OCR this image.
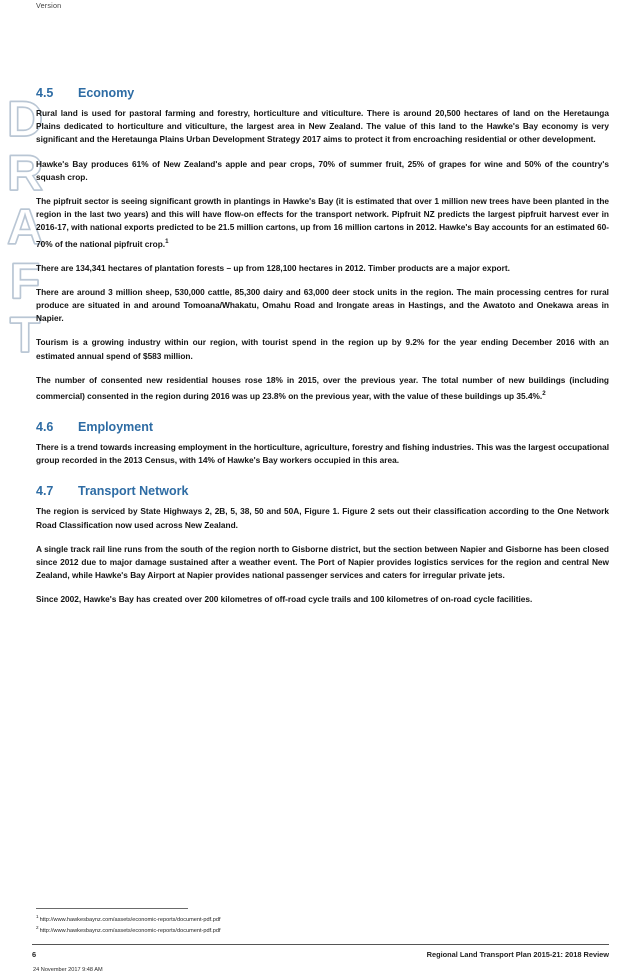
Version
D
R
A
F
T
4.5	Economy

Rural land is used for pastoral farming and forestry, horticulture and viticulture. There is around 20,500 hectares of land on the Heretaunga Plains dedicated to horticulture and viticulture, the largest area in New Zealand. The value of this land to the Hawke's Bay economy is very significant and the Heretaunga Plains Urban Development Strategy 2017 aims to protect it from encroaching residential or other development.

Hawke's Bay produces 61% of New Zealand's apple and pear crops, 70% of summer fruit, 25% of grapes for wine and 50% of the country's squash crop.

The pipfruit sector is seeing significant growth in plantings in Hawke's Bay (it is estimated that over 1 million new trees have been planted in the region in the last two years) and this will have flow-on effects for the transport network. Pipfruit NZ predicts the largest pipfruit harvest ever in 2016-17, with national exports predicted to be 21.5 million cartons, up from 16 million cartons in 2012. Hawke's Bay accounts for an estimated 60-70% of the national pipfruit crop.$^1$

There are 134,341 hectares of plantation forests – up from 128,100 hectares in 2012. Timber products are a major export.

There are around 3 million sheep, 530,000 cattle, 85,300 dairy and 63,000 deer stock units in the region. The main processing centres for rural produce are situated in and around Tomoana/Whakatu, Omahu Road and Irongate areas in Hastings, and the Awatoto and Onekawa areas in Napier.

Tourism is a growing industry within our region, with tourist spend in the region up by 9.2% for the year ending December 2016 with an estimated annual spend of $583 million.

The number of consented new residential houses rose 18% in 2015, over the previous year. The total number of new buildings (including commercial) consented in the region during 2016 was up 23.8% on the previous year, with the value of these buildings up 35.4%.$^2$

4.6	Employment

There is a trend towards increasing employment in the horticulture, agriculture, forestry and fishing industries. This was the largest occupational group recorded in the 2013 Census, with 14% of Hawke's Bay workers occupied in this area.

4.7	Transport Network

The region is serviced by State Highways 2, 2B, 5, 38, 50 and 50A, Figure 1. Figure 2 sets out their classification according to the One Network Road Classification now used across New Zealand.

A single track rail line runs from the south of the region north to Gisborne district, but the section between Napier and Gisborne has been closed since 2012 due to major damage sustained after a weather event. The Port of Napier provides logistics services for the region and central New Zealand, while Hawke's Bay Airport at Napier provides national passenger services and caters for irregular private jets.

Since 2002, Hawke's Bay has created over 200 kilometres of off-road cycle trails and 100 kilometres of on-road cycle facilities.

$^1$http://www.hawkesbaynz.com/assets/economic-reports/document-pdf.pdf
$^2$http://www.hawkesbaynz.com/assets/economic-reports/document-pdf.pdf
6	Regional Land Transport Plan 2015-21: 2018 Review
24 November 2017 9:48 AM
